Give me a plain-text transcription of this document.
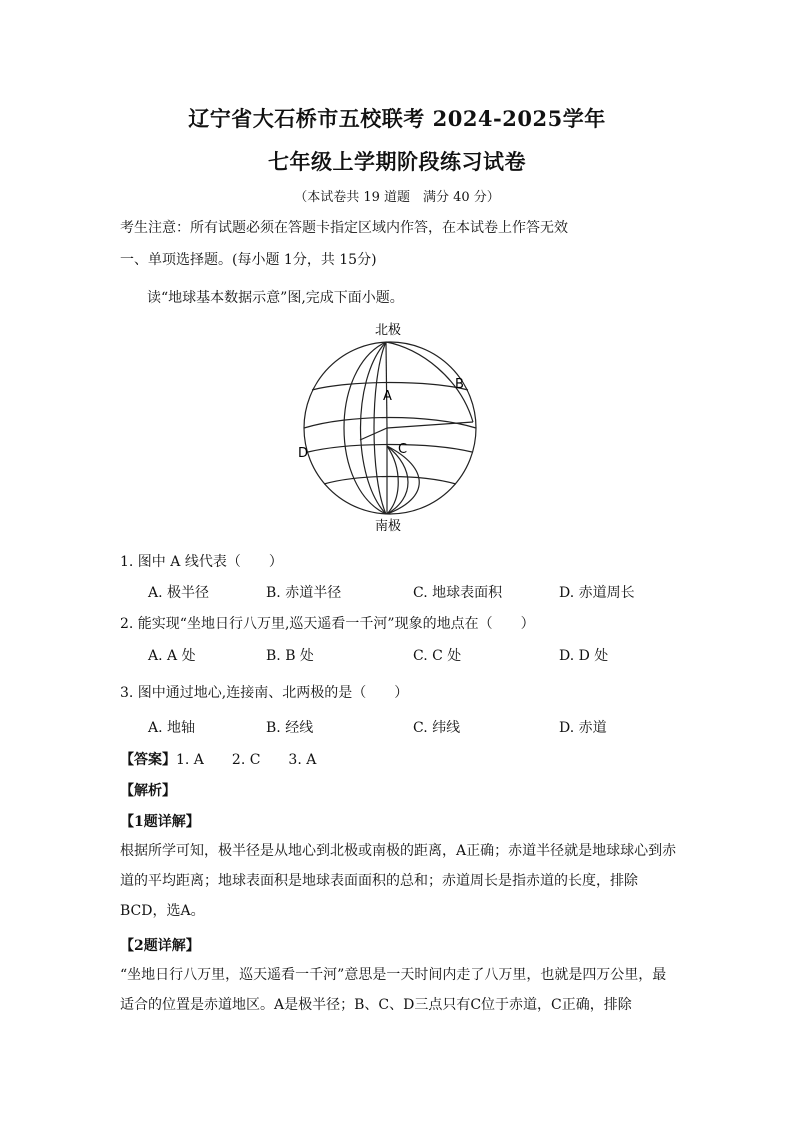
辽宁省大石桥市五校联考 2024-2025学年
七年级上学期阶段练习试卷
（本试卷共 19 道题　满分 40 分）
考生注意：所有试题必须在答题卡指定区域内作答，在本试卷上作答无效
一、单项选择题。(每小题 1分，共 15分)
读“地球基本数据示意”图,完成下面小题。
北极
南极
A
B
C
D
1. 图中 A 线代表（　　）
A. 极半径	B. 赤道半径	C. 地球表面积	D. 赤道周长
2. 能实现“坐地日行八万里,巡天遥看一千河”现象的地点在（　　）
A. A 处	B. B 处	C. C 处	D. D 处
3. 图中通过地心,连接南、北两极的是（　　）
A. 地轴	B. 经线	C. 纬线	D. 赤道
【答案】1. A　　2. C　　3. A
【解析】
【1题详解】
根据所学可知，极半径是从地心到北极或南极的距离，A正确；赤道半径就是地球球心到赤道的平均距离；地球表面积是地球表面面积的总和；赤道周长是指赤道的长度，排除BCD，选A。
【2题详解】
“坐地日行八万里，巡天遥看一千河”意思是一天时间内走了八万里，也就是四万公里，最适合的位置是赤道地区。A是极半径；B、C、D三点只有C位于赤道，C正确，排除
